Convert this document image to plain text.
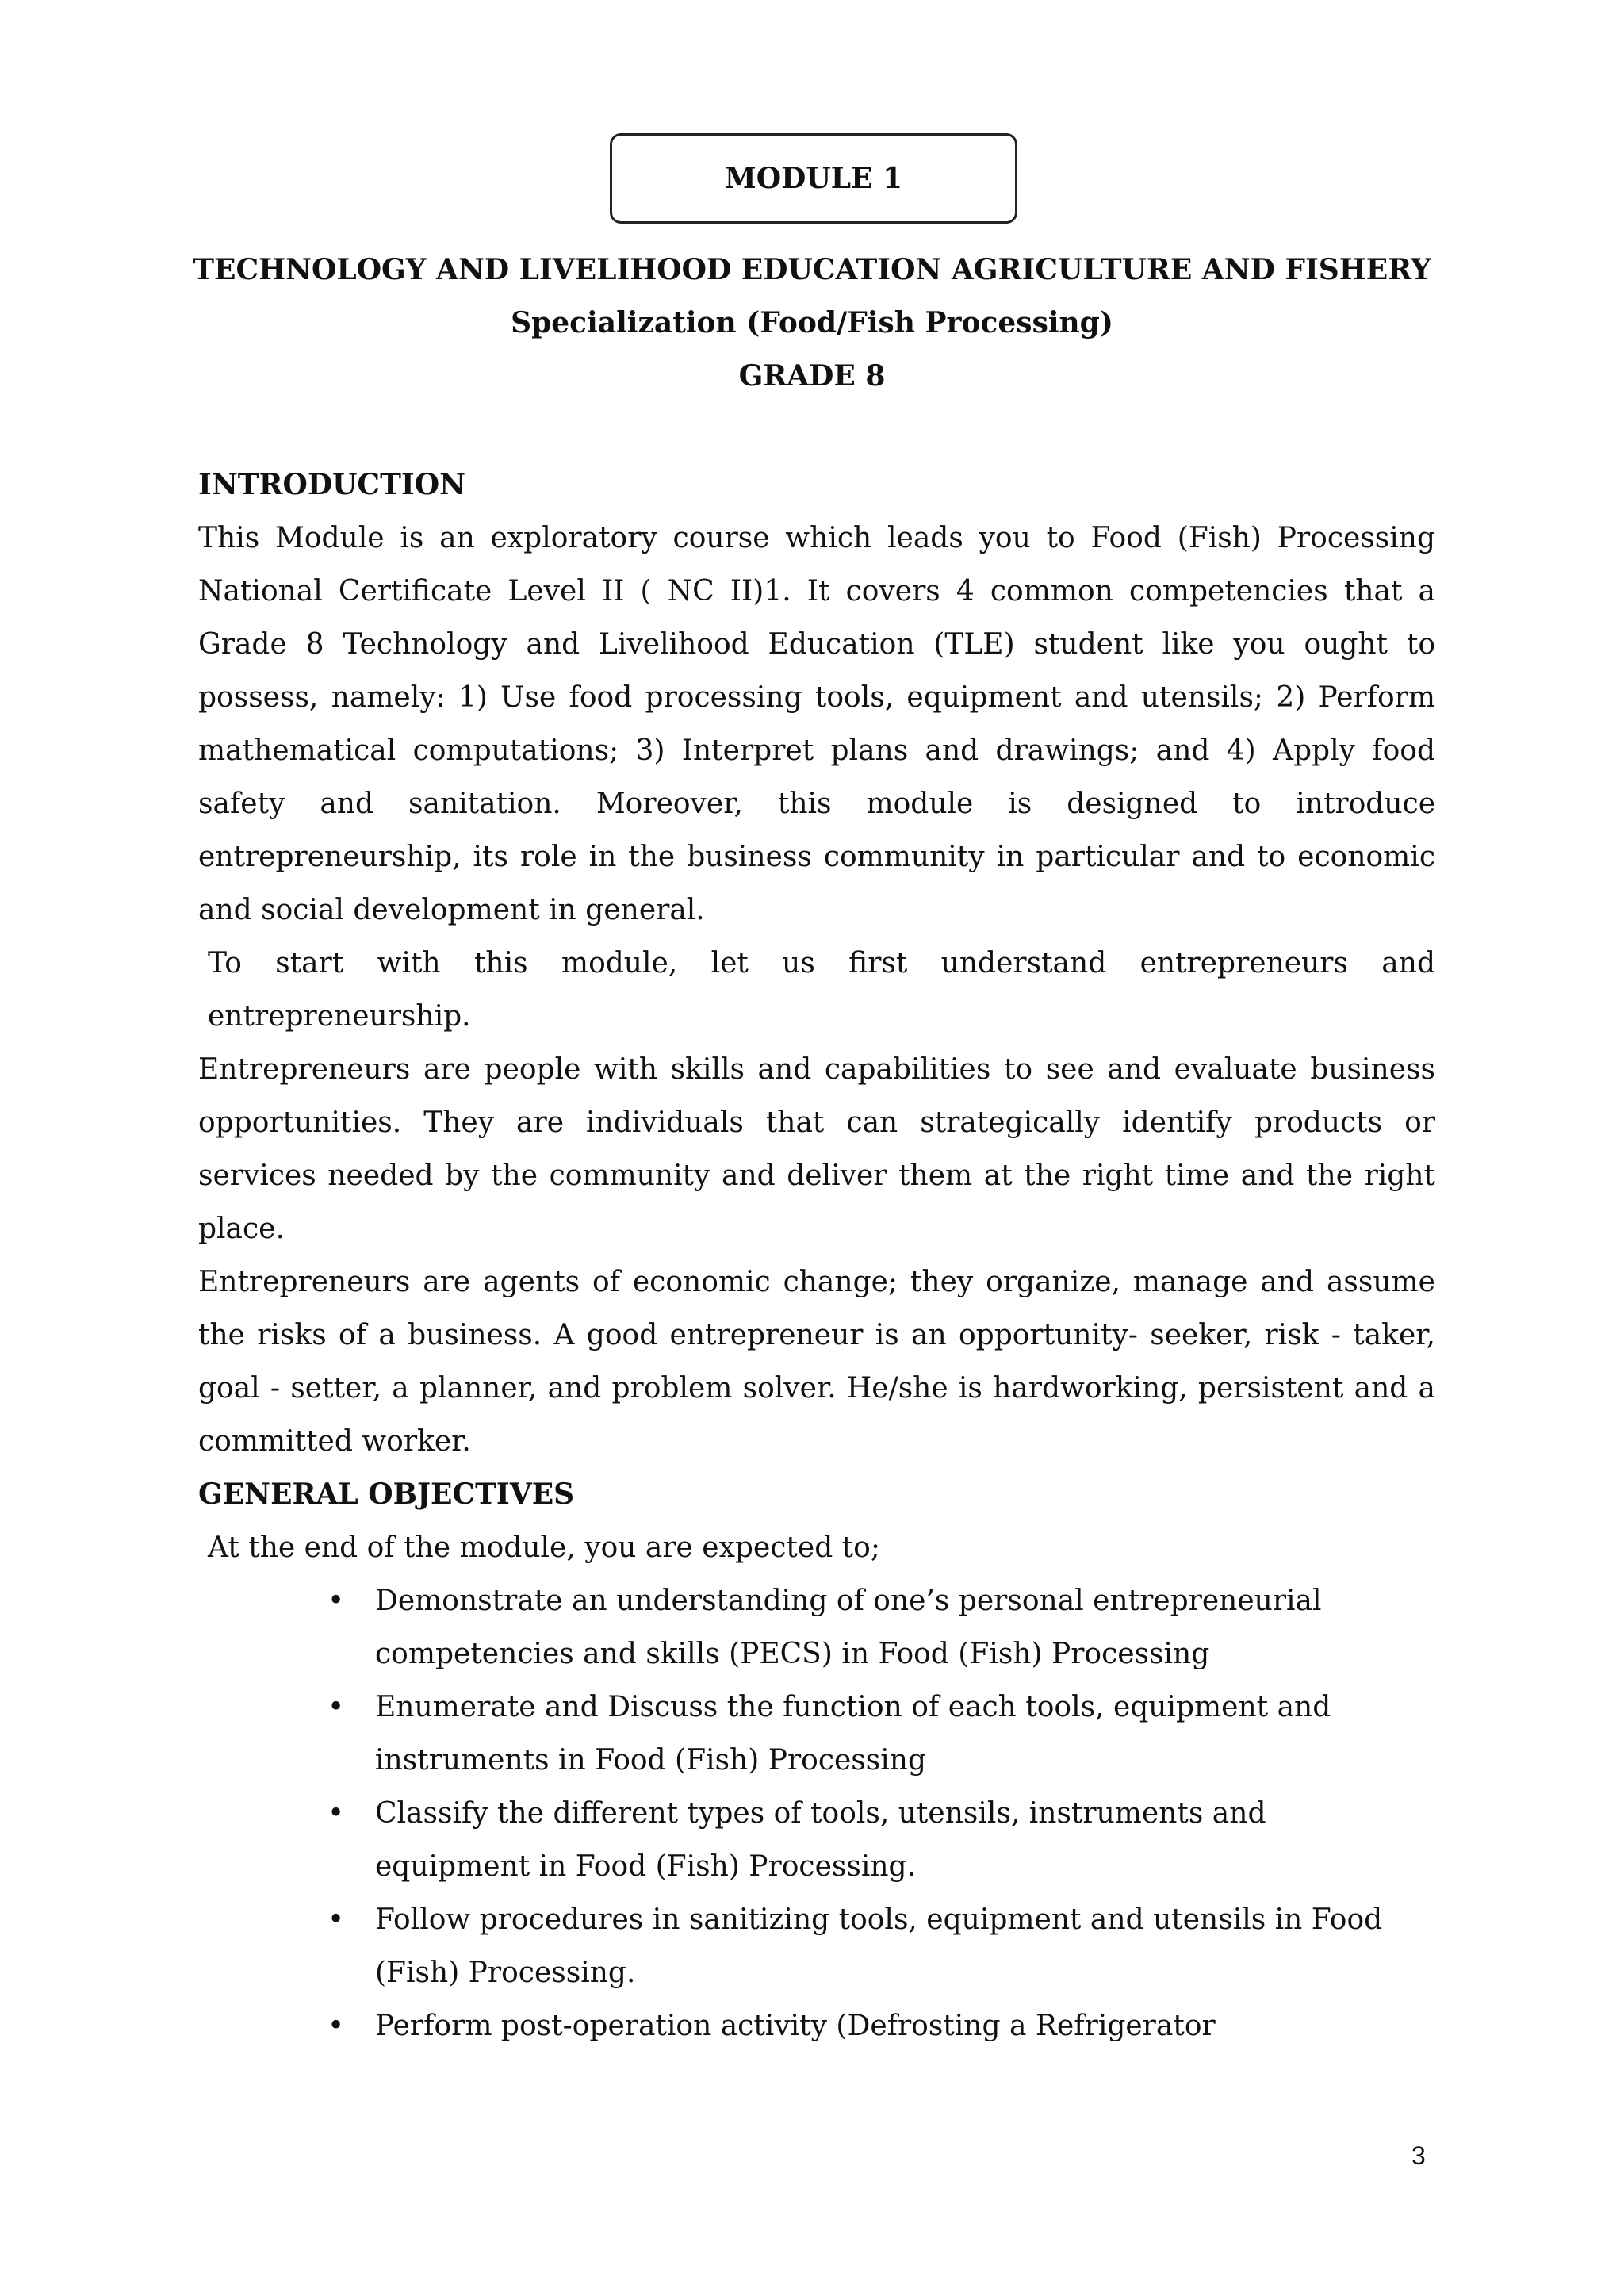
MODULE 1
TECHNOLOGY AND LIVELIHOOD EDUCATION AGRICULTURE AND FISHERY
Specialization (Food/Fish Processing)
GRADE 8

INTRODUCTION

This Module is an exploratory course which leads you to Food (Fish) Processing National Certificate Level II ( NC II)1. It covers 4 common competencies that a Grade 8 Technology and Livelihood Education (TLE) student like you ought to possess, namely: 1) Use food processing tools, equipment and utensils; 2) Perform mathematical computations; 3) Interpret plans and drawings; and 4) Apply food safety and sanitation. Moreover, this module is designed to introduce entrepreneurship, its role in the business community in particular and to economic and social development in general.

To start with this module, let us first understand entrepreneurs and entrepreneurship.

Entrepreneurs are people with skills and capabilities to see and evaluate business opportunities. They are individuals that can strategically identify products or services needed by the community and deliver them at the right time and the right place.

Entrepreneurs are agents of economic change; they organize, manage and assume the risks of a business. A good entrepreneur is an opportunity- seeker, risk - taker, goal - setter, a planner, and problem solver. He/she is hardworking, persistent and a committed worker.

GENERAL OBJECTIVES

At the end of the module, you are expected to;

• Demonstrate an understanding of one’s personal entrepreneurial competencies and skills (PECS) in Food (Fish) Processing
• Enumerate and Discuss the function of each tools, equipment and instruments in Food (Fish) Processing
• Classify the different types of tools, utensils, instruments and equipment in Food (Fish) Processing.
• Follow procedures in sanitizing tools, equipment and utensils in Food (Fish) Processing.
• Perform post-operation activity (Defrosting a Refrigerator
3
